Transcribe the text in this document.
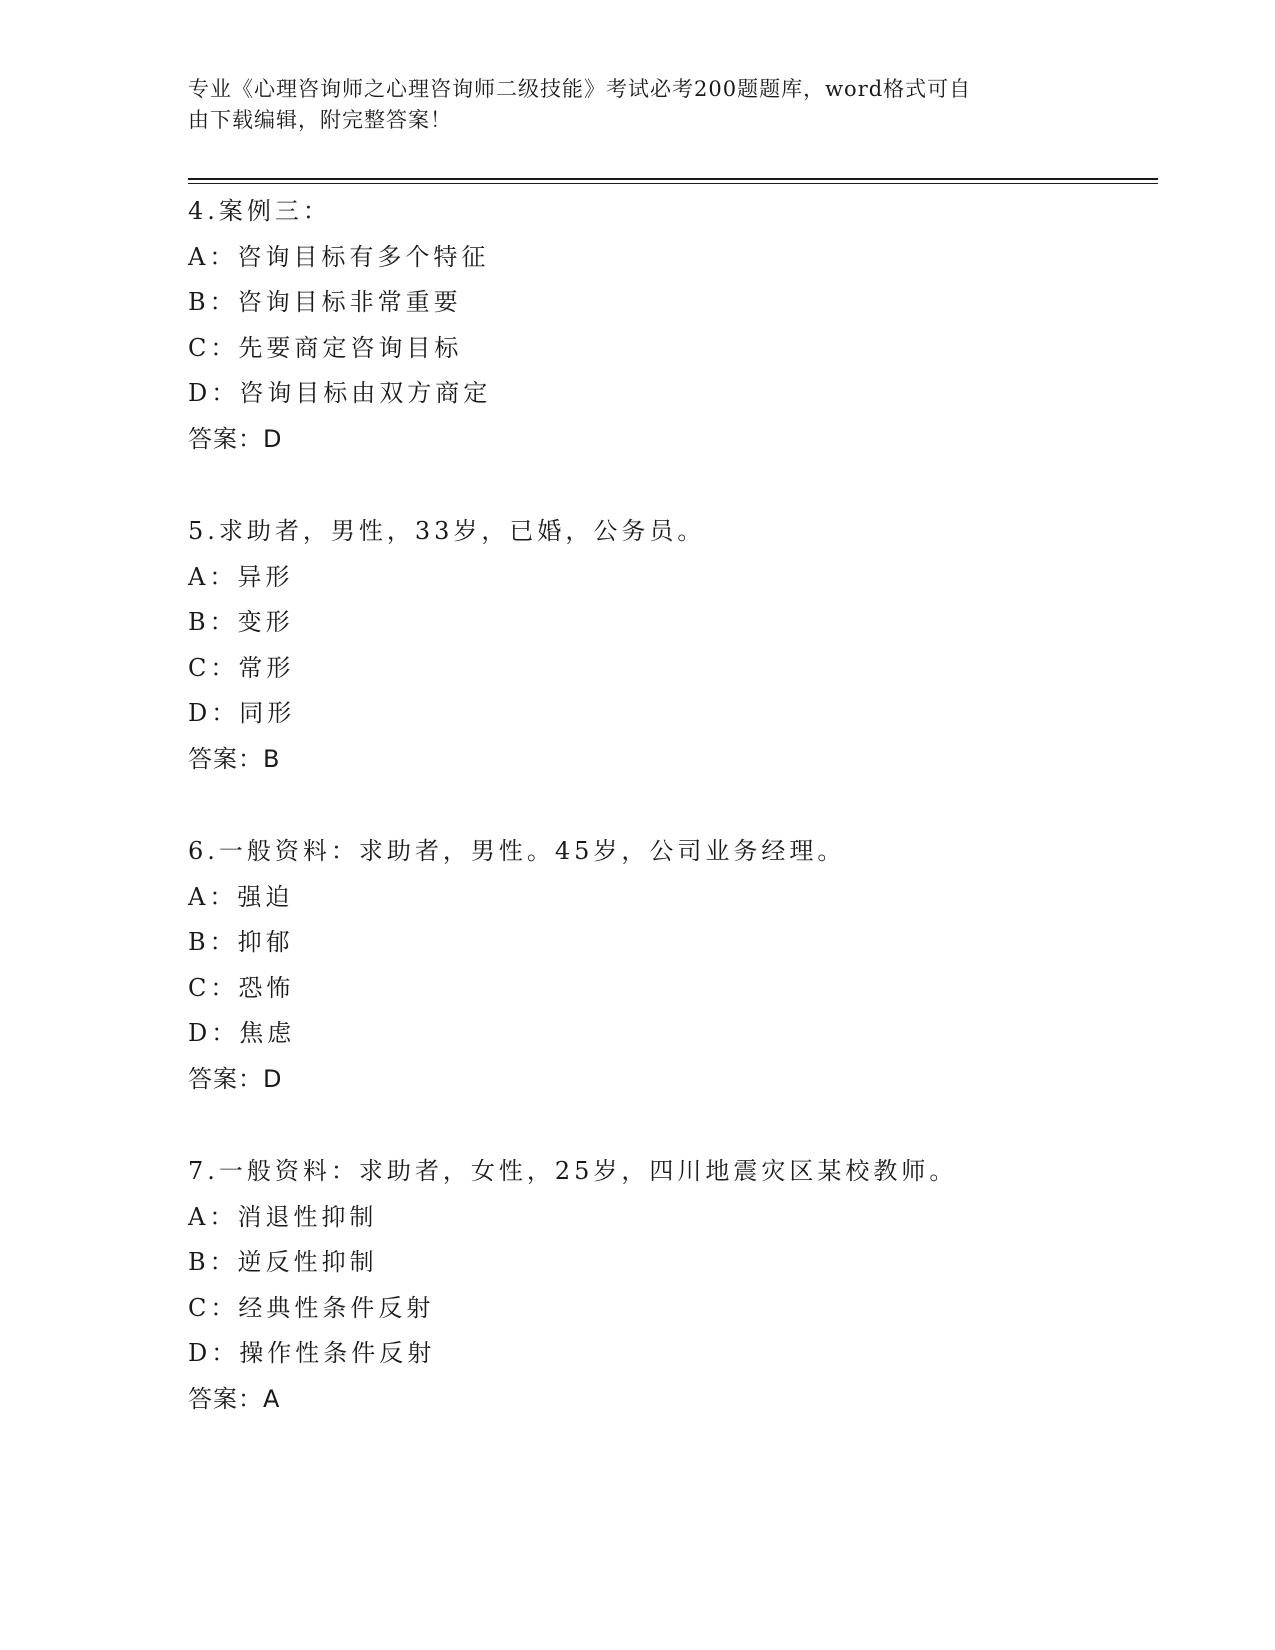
专业《心理咨询师之心理咨询师二级技能》考试必考200题题库，word格式可自
由下载编辑，附完整答案！
4.案例三：
A：咨询目标有多个特征
B：咨询目标非常重要
C：先要商定咨询目标
D：咨询目标由双方商定
答案：D
5.求助者，男性，33岁，已婚，公务员。
A：异形
B：变形
C：常形
D：同形
答案：B
6.一般资料：求助者，男性。45岁，公司业务经理。
A：强迫
B：抑郁
C：恐怖
D：焦虑
答案：D
7.一般资料：求助者，女性，25岁，四川地震灾区某校教师。
A：消退性抑制
B：逆反性抑制
C：经典性条件反射
D：操作性条件反射
答案：A
